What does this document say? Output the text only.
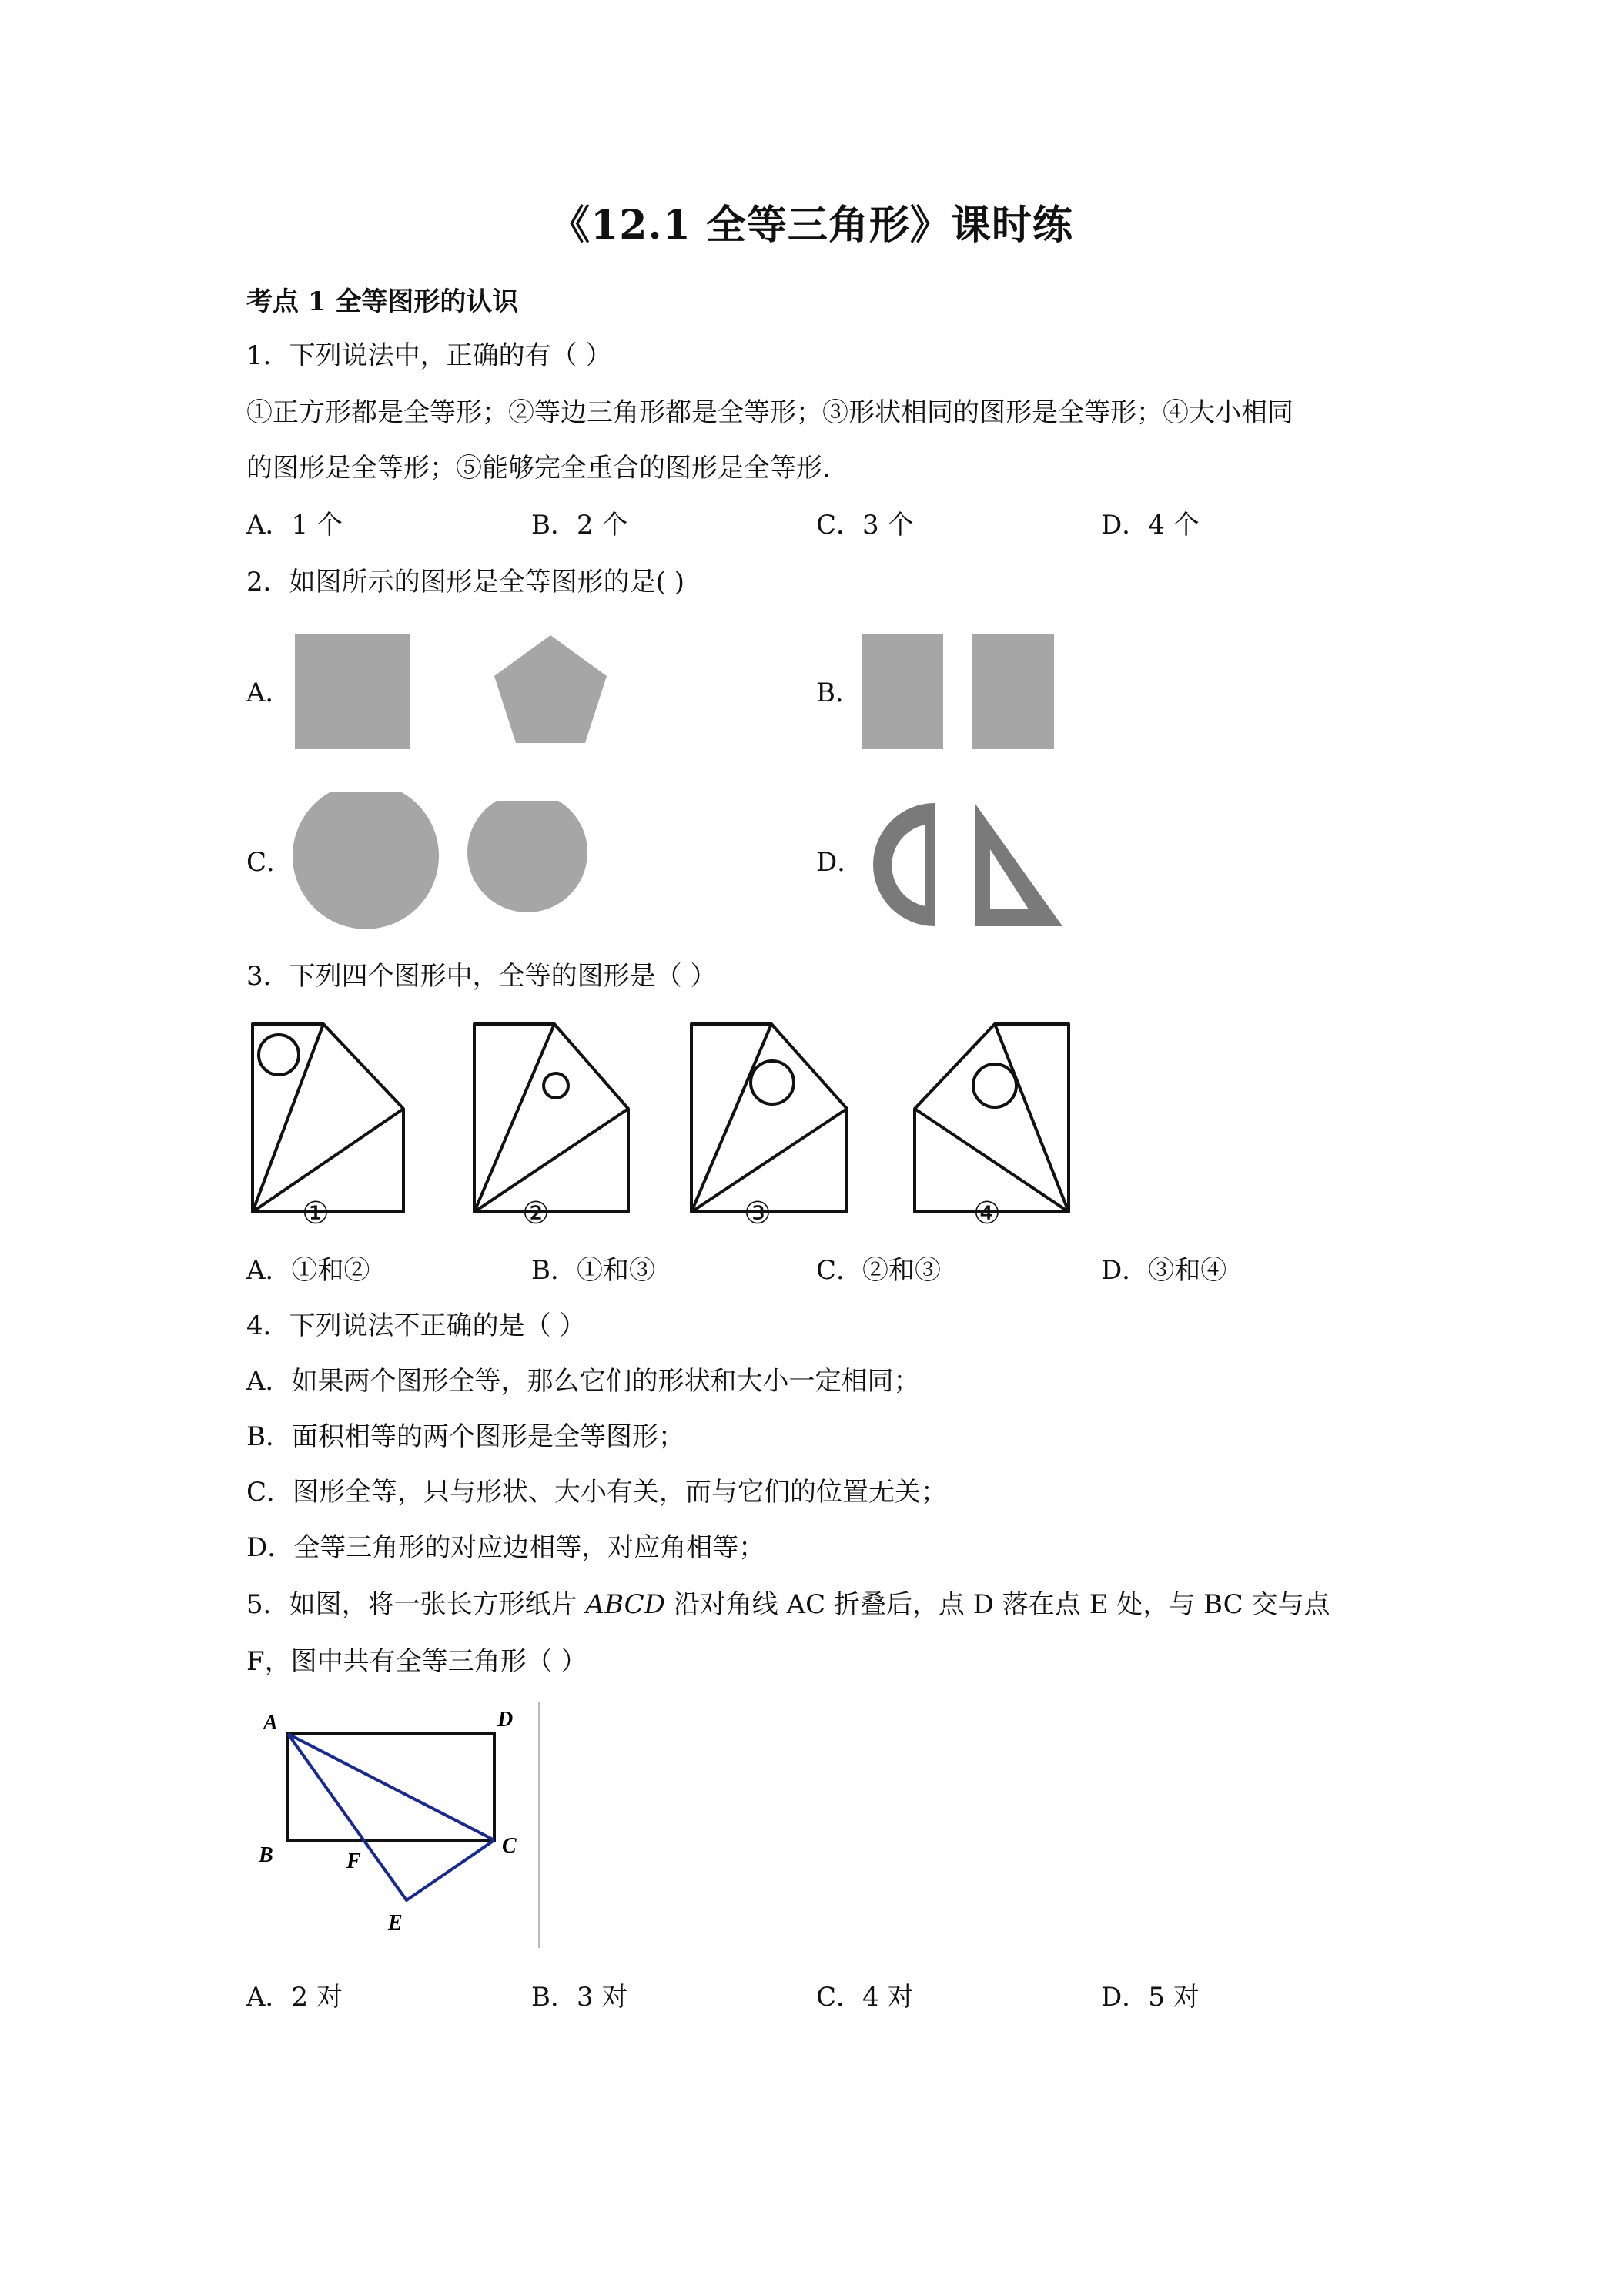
《12.1 全等三角形》课时练
考点 1 全等图形的认识
1．下列说法中，正确的有（ ）
①正方形都是全等形；②等边三角形都是全等形；③形状相同的图形是全等形；④大小相同
的图形是全等形；⑤能够完全重合的图形是全等形.
A．1 个	B．2 个	C．3 个	D．4 个
2．如图所示的图形是全等图形的是( )
A．	B．
C．	D．
3．下列四个图形中，全等的图形是（ ）
①	②	③	④
A．①和②	B．①和③	C．②和③	D．③和④
4．下列说法不正确的是（ ）
A．如果两个图形全等，那么它们的形状和大小一定相同；
B．面积相等的两个图形是全等图形；
C．图形全等，只与形状、大小有关，而与它们的位置无关；
D．全等三角形的对应边相等，对应角相等；
5．如图，将一张长方形纸片 ABCD 沿对角线 AC 折叠后，点 D 落在点 E 处，与 BC 交与点
F，图中共有全等三角形（ ）
A	D
B	C
F
E
A．2 对	B．3 对	C．4 对	D．5 对
